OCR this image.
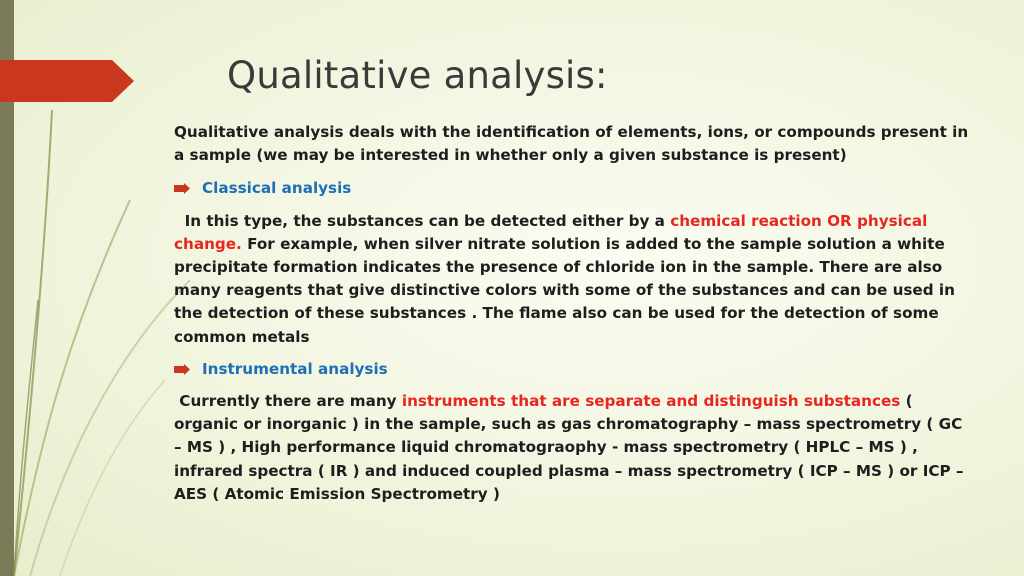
Qualitative analysis:

Qualitative analysis deals with the identification of elements, ions, or compounds present in a sample (we may be interested in whether only a given substance is present)

Classical analysis

In this type, the substances can be detected either by a chemical reaction OR physical change. For example, when silver nitrate solution is added to the sample solution a white precipitate formation indicates the presence of chloride ion in the sample. There are also many reagents that give distinctive colors with some of the substances and can be used in the detection of these substances . The flame also can be used for the detection of some common metals

Instrumental analysis

Currently there are many instruments that are separate and distinguish substances ( organic or inorganic ) in the sample, such as gas chromatography – mass spectrometry ( GC – MS ) , High performance liquid chromatograophy - mass spectrometry ( HPLC – MS ) , infrared spectra ( IR ) and induced coupled plasma – mass spectrometry ( ICP – MS ) or ICP – AES ( Atomic Emission Spectrometry )
